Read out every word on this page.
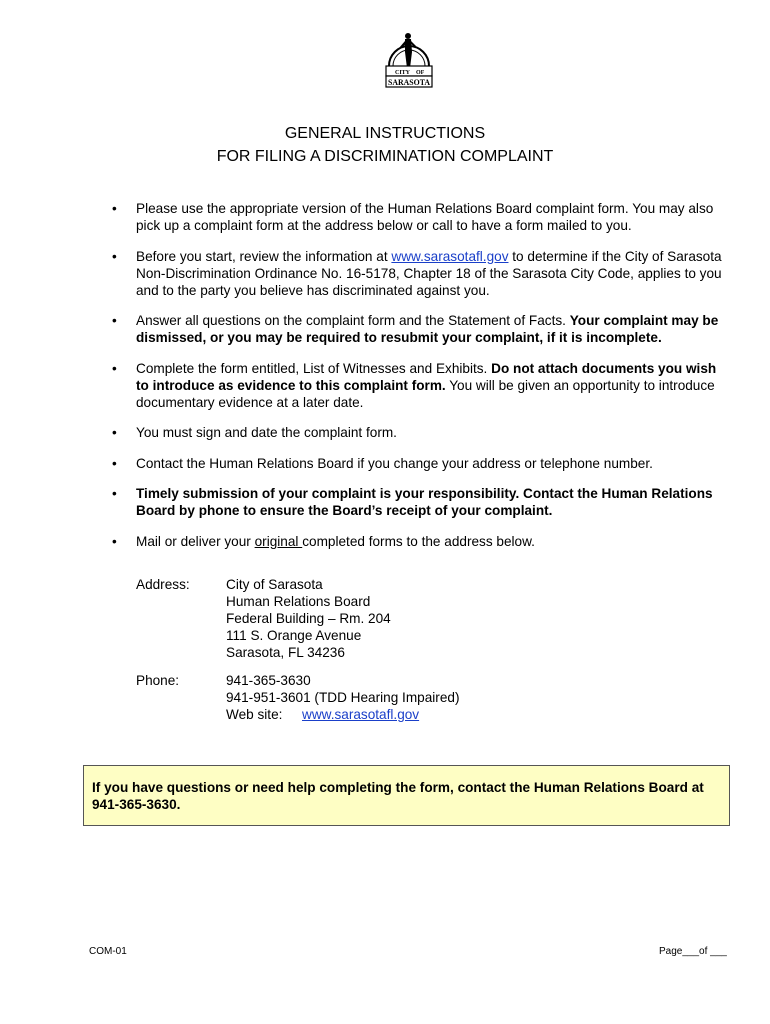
CITY OF
SARASOTA
GENERAL INSTRUCTIONS
FOR FILING A DISCRIMINATION COMPLAINT
• Please use the appropriate version of the Human Relations Board complaint form. You may also pick up a complaint form at the address below or call to have a form mailed to you.
• Before you start, review the information at www.sarasotafl.gov to determine if the City of Sarasota Non-Discrimination Ordinance No. 16-5178, Chapter 18 of the Sarasota City Code, applies to you and to the party you believe has discriminated against you.
• Answer all questions on the complaint form and the Statement of Facts. Your complaint may be dismissed, or you may be required to resubmit your complaint, if it is incomplete.
• Complete the form entitled, List of Witnesses and Exhibits. Do not attach documents you wish to introduce as evidence to this complaint form. You will be given an opportunity to introduce documentary evidence at a later date.
• You must sign and date the complaint form.
• Contact the Human Relations Board if you change your address or telephone number.
• Timely submission of your complaint is your responsibility. Contact the Human Relations Board by phone to ensure the Board’s receipt of your complaint.
• Mail or deliver your original completed forms to the address below.
Address:	City of Sarasota
Human Relations Board
Federal Building – Rm. 204
111 S. Orange Avenue
Sarasota, FL 34236
Phone:	941-365-3630
941-951-3601 (TDD Hearing Impaired)
Web site: www.sarasotafl.gov
If you have questions or need help completing the form, contact the Human Relations Board at 941-365-3630.
COM-01	Page___of ___
